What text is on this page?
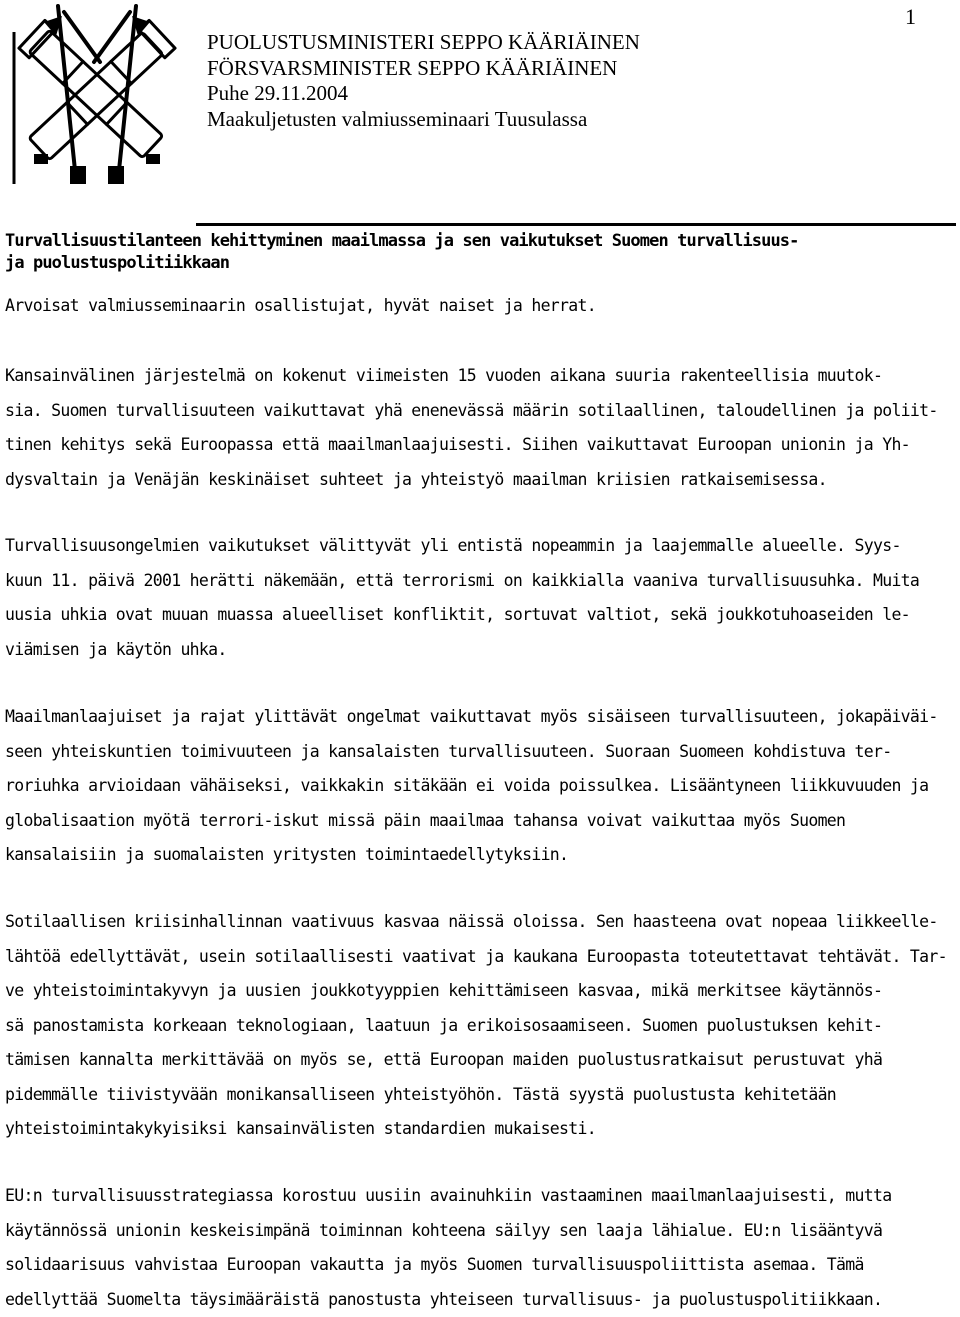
1
PUOLUSTUSMINISTERI SEPPO KÄÄRIÄINEN
FÖRSVARSMINISTER SEPPO KÄÄRIÄINEN
Puhe 29.11.2004
Maakuljetusten valmiusseminaari Tuusulassa
Turvallisuustilanteen kehittyminen maailmassa ja sen vaikutukset Suomen turvallisuus-
ja puolustuspolitiikkaan
Arvoisat valmiusseminaarin osallistujat, hyvät naiset ja herrat.
Kansainvälinen järjestelmä on kokenut viimeisten 15 vuoden aikana suuria rakenteellisia muutok-
sia. Suomen turvallisuuteen vaikuttavat yhä enenevässä määrin sotilaallinen, taloudellinen ja poliit-
tinen kehitys sekä Euroopassa että maailmanlaajuisesti. Siihen vaikuttavat Euroopan unionin ja Yh-
dysvaltain ja Venäjän keskinäiset suhteet ja yhteistyö maailman kriisien ratkaisemisessa.
Turvallisuusongelmien vaikutukset välittyvät yli entistä nopeammin ja laajemmalle alueelle. Syys-
kuun 11. päivä 2001 herätti näkemään, että terrorismi on kaikkialla vaaniva turvallisuusuhka. Muita
uusia uhkia ovat muuan muassa alueelliset konfliktit, sortuvat valtiot, sekä joukkotuhoaseiden le-
viämisen ja käytön uhka.
Maailmanlaajuiset ja rajat ylittävät ongelmat vaikuttavat myös sisäiseen turvallisuuteen, jokapäiväi-
seen yhteiskuntien toimivuuteen ja kansalaisten turvallisuuteen. Suoraan Suomeen kohdistuva ter-
roriuhka arvioidaan vähäiseksi, vaikkakin sitäkään ei voida poissulkea. Lisääntyneen liikkuvuuden ja
globalisaation myötä terrori-iskut missä päin maailmaa tahansa voivat vaikuttaa myös Suomen
kansalaisiin ja suomalaisten yritysten toimintaedellytyksiin.
Sotilaallisen kriisinhallinnan vaativuus kasvaa näissä oloissa. Sen haasteena ovat nopeaa liikkeelle-
lähtöä edellyttävät, usein sotilaallisesti vaativat ja kaukana Euroopasta toteutettavat tehtävät. Tar-
ve yhteistoimintakyvyn ja uusien joukkotyyppien kehittämiseen kasvaa, mikä merkitsee käytännös-
sä panostamista korkeaan teknologiaan, laatuun ja erikoisosaamiseen. Suomen puolustuksen kehit-
tämisen kannalta merkittävää on myös se, että Euroopan maiden puolustusratkaisut perustuvat yhä
pidemmälle tiivistyvään monikansalliseen yhteistyöhön. Tästä syystä puolustusta kehitetään
yhteistoimintakykyisiksi kansainvälisten standardien mukaisesti.
EU:n turvallisuusstrategiassa korostuu uusiin avainuhkiin vastaaminen maailmanlaajuisesti, mutta
käytännössä unionin keskeisimpänä toiminnan kohteena säilyy sen laaja lähialue. EU:n lisääntyvä
solidaarisuus vahvistaa Euroopan vakautta ja myös Suomen turvallisuuspoliittista asemaa. Tämä
edellyttää Suomelta täysimääräistä panostusta yhteiseen turvallisuus- ja puolustuspolitiikkaan.
